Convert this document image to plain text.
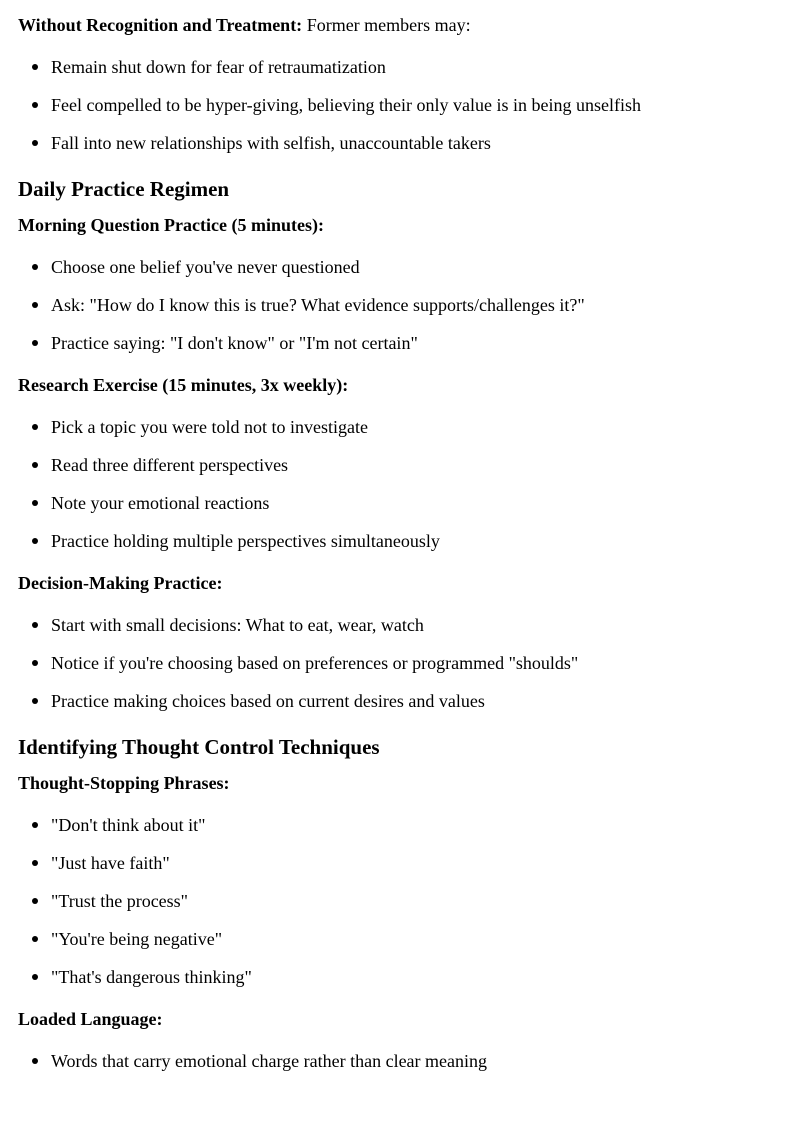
Without Recognition and Treatment: Former members may:

Remain shut down for fear of retraumatization
Feel compelled to be hyper-giving, believing their only value is in being unselfish
Fall into new relationships with selfish, unaccountable takers
Daily Practice Regimen
Morning Question Practice (5 minutes):
Choose one belief you've never questioned
Ask: "How do I know this is true? What evidence supports/challenges it?"
Practice saying: "I don't know" or "I'm not certain"
Research Exercise (15 minutes, 3x weekly):
Pick a topic you were told not to investigate
Read three different perspectives
Note your emotional reactions
Practice holding multiple perspectives simultaneously
Decision-Making Practice:
Start with small decisions: What to eat, wear, watch
Notice if you're choosing based on preferences or programmed "shoulds"
Practice making choices based on current desires and values
Identifying Thought Control Techniques
Thought-Stopping Phrases:
"Don't think about it"
"Just have faith"
"Trust the process"
"You're being negative"
"That's dangerous thinking"
Loaded Language:
Words that carry emotional charge rather than clear meaning
